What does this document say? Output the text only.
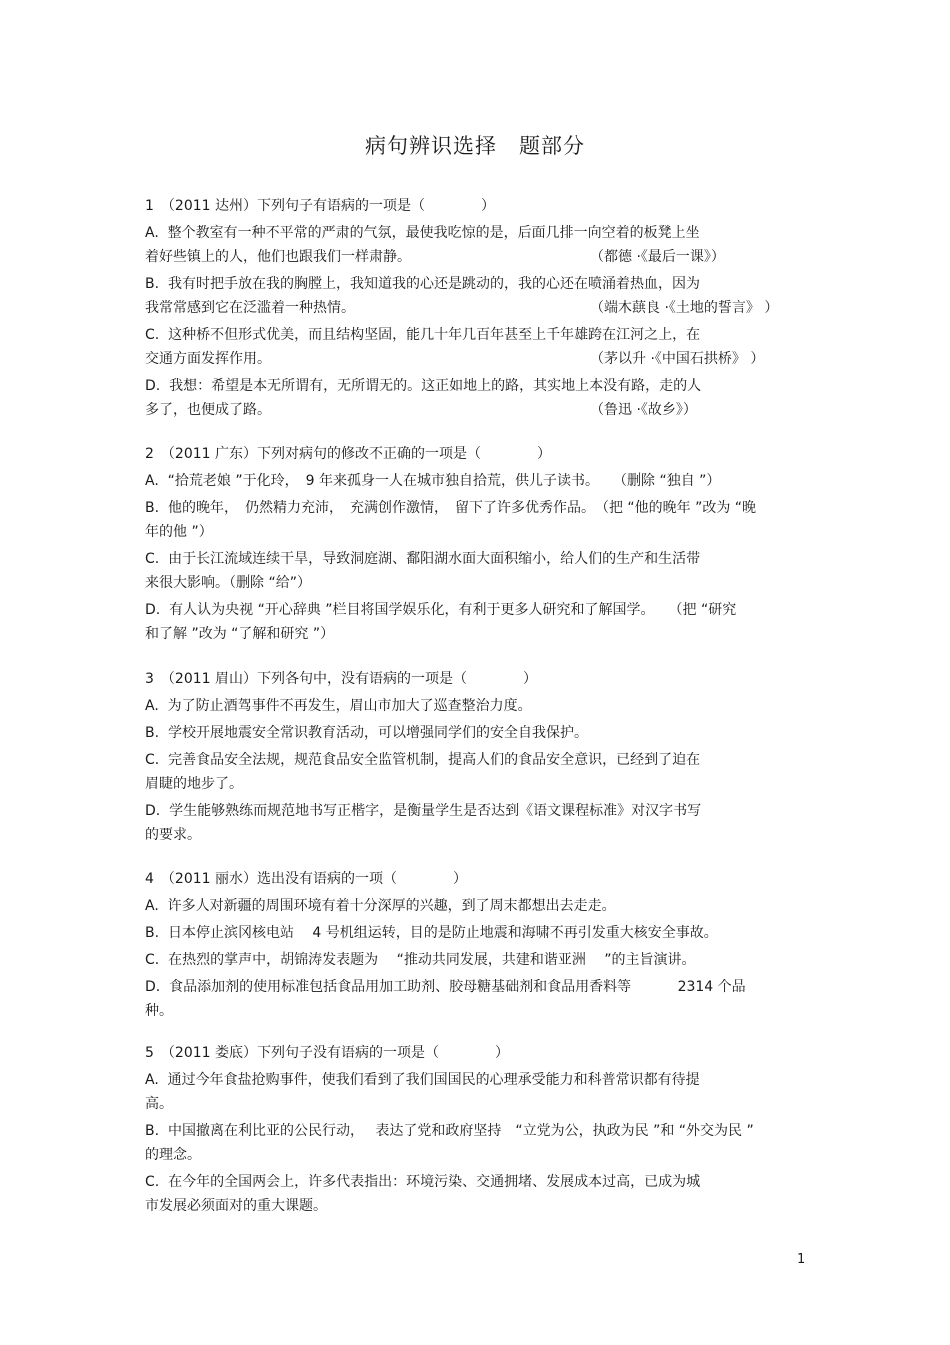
病句辨识选择　题部分
1　（2011 达州）下列句子有语病的一项是（　　　　）
A.  整个教室有一种不平常的严肃的气氛，最使我吃惊的是，后面几排一向空着的板凳上坐
着好些镇上的人，他们也跟我们一样肃静。	（都德 ·《最后一课》）
B.  我有时把手放在我的胸膛上，我知道我的心还是跳动的，我的心还在喷涌着热血，因为
我常常感到它在泛滥着一种热情。	（端木蕻良 ·《土地的誓言》 ）
C.  这种桥不但形式优美，而且结构坚固，能几十年几百年甚至上千年雄跨在江河之上，在
交通方面发挥作用。	（茅以升 ·《中国石拱桥》 ）
D.  我想：希望是本无所谓有，无所谓无的。这正如地上的路，其实地上本没有路，走的人
多了，也便成了路。	（鲁迅 ·《故乡》）
2　（2011 广东）下列对病句的修改不正确的一项是（　　　　）
A.  “拾荒老娘 ”于化玲，　9 年来孤身一人在城市独自拾荒，供儿子读书。　　（删除 “独自 ”）
B.  他的晚年，　仍然精力充沛，　充满创作激情，　留下了许多优秀作品。　（把 “他的晚年 ”改为 “晚
年的他 ”）
C.  由于长江流域连续干旱，导致洞庭湖、鄱阳湖水面大面积缩小，给人们的生产和生活带
来很大影响。（删除 “给”）
D.  有人认为央视 “开心辞典 ”栏目将国学娱乐化，有利于更多人研究和了解国学。　　（把 “研究
和了解 ”改为 “了解和研究 ”）
3　（2011 眉山）下列各句中，没有语病的一项是（　　　　）
A.  为了防止酒驾事件不再发生，眉山市加大了巡查整治力度。
B.  学校开展地震安全常识教育活动，可以增强同学们的安全自我保护。
C.  完善食品安全法规，规范食品安全监管机制，提高人们的食品安全意识，已经到了迫在
眉睫的地步了。
D.  学生能够熟练而规范地书写正楷字，是衡量学生是否达到《语文课程标准》对汉字书写
的要求。
4　（2011 丽水）选出没有语病的一项（　　　　）
A.  许多人对新疆的周围环境有着十分深厚的兴趣，到了周末都想出去走走。
B.  日本停止滨冈核电站　 4 号机组运转，目的是防止地震和海啸不再引发重大核安全事故。
C.  在热烈的掌声中，胡锦涛发表题为　 “推动共同发展，共建和谐亚洲　 ”的主旨演讲。
D.  食品添加剂的使用标准包括食品用加工助剂、胶母糖基础剂和食品用香料等　　　 2314 个品
种。
5　（2011 娄底）下列句子没有语病的一项是（　　　　）
A.  通过今年食盐抢购事件，使我们看到了我们国国民的心理承受能力和科普常识都有待提
高。
B.  中国撤离在利比亚的公民行动，　 表达了党和政府坚持　“立党为公，执政为民 ”和 “外交为民 ”
的理念。
C.  在今年的全国两会上，许多代表指出：环境污染、交通拥堵、发展成本过高，已成为城
市发展必须面对的重大课题。
1
